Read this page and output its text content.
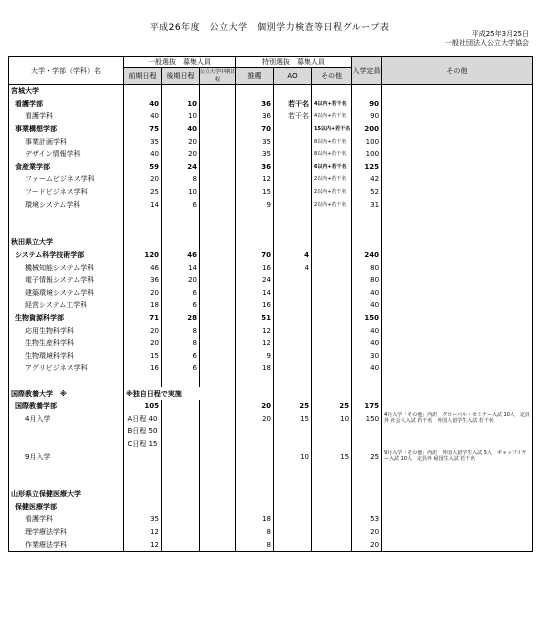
平成26年度　公立大学　個別学力検査等日程グループ表
平成25年3月25日
一般社団法人公立大学協会
大学・学部（学科）名	一般選抜　募集人員			特別選抜　募集人員			入学定員	その他
	前期日程	後期日程	公立大学中期日程	推薦	AO	その他		
宮城大学								
看護学部	40	10		36	若干名	4以内+若干名	90	
看護学科	40	10		36	若干名	4以内+若干名	90	
事業構想学部	75	40		70		15以内+若干名	200	
事業計画学科	35	20		35		8以内+若干名	100	
デザイン情報学科	40	20		35		8以内+若干名	100	
食産業学部	59	24		36		6以内+若干名	125	
ファームビジネス学科	20	8		12		2以内+若干名	42	
フードビジネス学科	25	10		15		2以内+若干名	52	
環境システム学科	14	6		9		2以内+若干名	31	

秋田県立大学								
システム科学技術学部	120	46		70	4		240	
機械知能システム学科	46	14		16	4		80	
電子情報システム学科	36	20		24			80	
建築環境システム学科	20	6		14			40	
経営システム工学科	18	6		16			40	
生物資源科学部	71	28		51			150	
応用生物科学科	20	8		12			40	
生物生産科学科	20	8		12			40	
生物環境科学科	15	6		9			30	
アグリビジネス学科	16	6		18			40	

国際教養大学　※	※独自日程で実施							
国際教養学部	105			20	25	25	175	
4月入学	A日程 40			20	15	10	150	4月入学「その他」内訳　グローバル・セミナー入試 10人　定員外 社会人入試 若干名　外国人留学生入試 若干名
	B日程 50							
	C日程 15							
9月入学					10	15	25	9月入学「その他」内訳　外国人留学生入試 5人　ギャップイヤー入試 10人　定員外 帰国生入試 若干名

山形県立保健医療大学								
保健医療学部								
看護学科	35			18			53	
理学療法学科	12			8			20	
作業療法学科	12			8			20	
